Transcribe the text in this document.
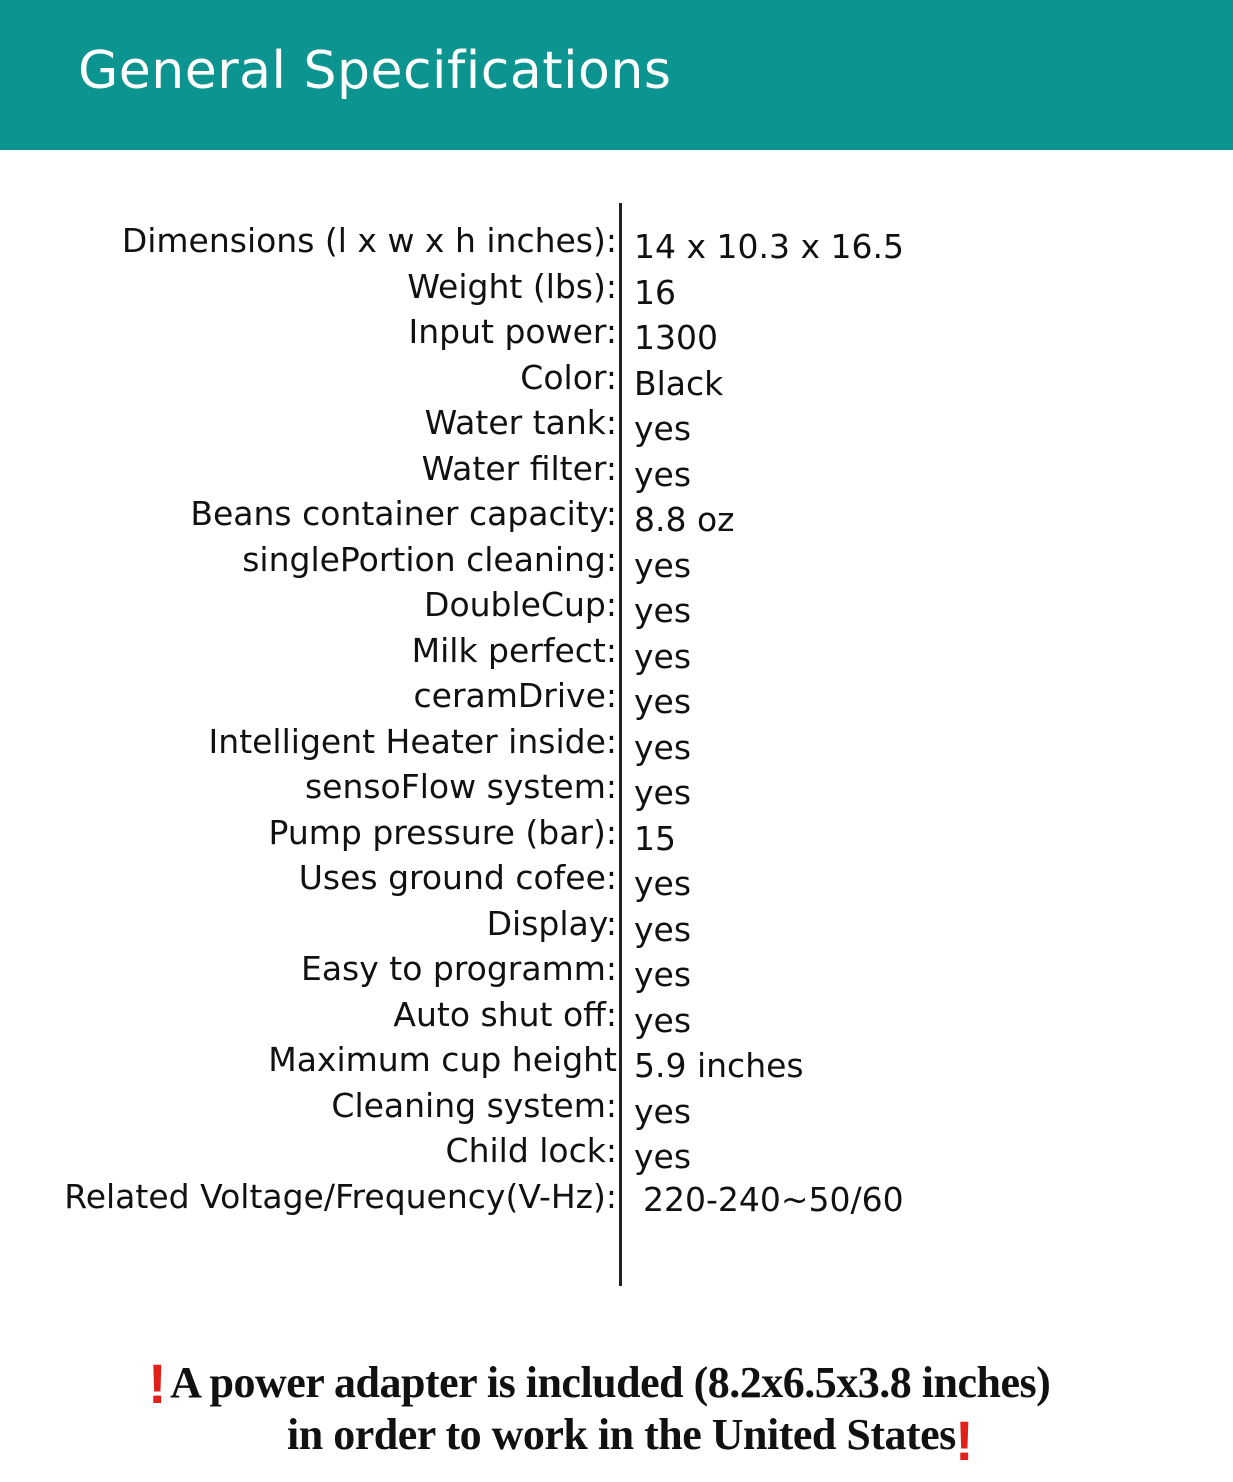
General Specifications
Dimensions (l x w x h inches): 14 x 10.3 x 16.5
Weight (lbs): 16
Input power: 1300
Color: Black
Water tank: yes
Water filter: yes
Beans container capacity: 8.8 oz
singlePortion cleaning: yes
DoubleCup: yes
Milk perfect: yes
ceramDrive: yes
Intelligent Heater inside: yes
sensoFlow system: yes
Pump pressure (bar): 15
Uses ground cofee: yes
Display: yes
Easy to programm: yes
Auto shut off: yes
Maximum cup height 5.9 inches
Cleaning system: yes
Child lock: yes
Related Voltage/Frequency(V-Hz): 220-240~50/60
!A power adapter is included (8.2x6.5x3.8 inches)
in order to work in the United States !
